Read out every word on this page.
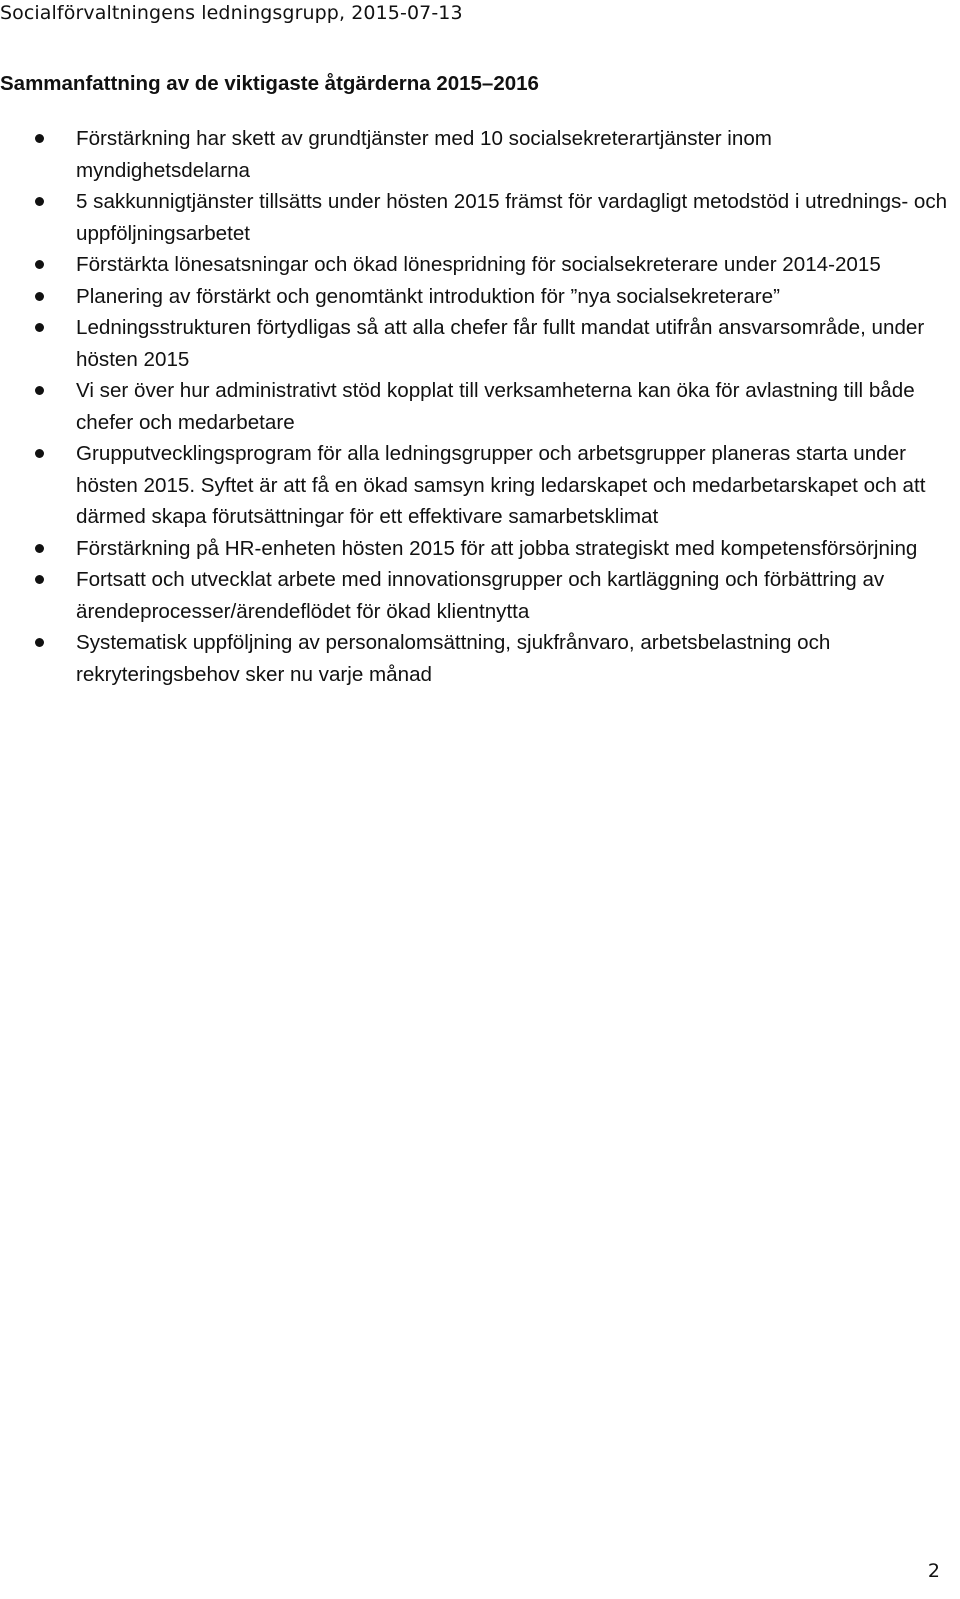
Socialförvaltningens ledningsgrupp, 2015-07-13
Sammanfattning av de viktigaste åtgärderna 2015–2016
Förstärkning har skett av grundtjänster med 10 socialsekreterartjänster inom myndighetsdelarna
5 sakkunnigtjänster tillsätts under hösten 2015 främst för vardagligt metodstöd i utrednings- och uppföljningsarbetet
Förstärkta lönesatsningar och ökad lönespridning för socialsekreterare under 2014-2015
Planering av förstärkt och genomtänkt introduktion för ”nya socialsekreterare”
Ledningsstrukturen förtydligas så att alla chefer får fullt mandat utifrån ansvarsområde, under hösten 2015
Vi ser över hur administrativt stöd kopplat till verksamheterna kan öka för avlastning till både chefer och medarbetare
Grupputvecklingsprogram för alla ledningsgrupper och arbetsgrupper planeras starta under hösten 2015. Syftet är att få en ökad samsyn kring ledarskapet och medarbetarskapet och att därmed skapa förutsättningar för ett effektivare samarbetsklimat
Förstärkning på HR-enheten hösten 2015 för att jobba strategiskt med kompetensförsörjning
Fortsatt och utvecklat arbete med innovationsgrupper och kartläggning och förbättring av ärendeprocesser/ärendeflödet för ökad klientnytta
Systematisk uppföljning av personalomsättning, sjukfrånvaro, arbetsbelastning och rekryteringsbehov sker nu varje månad
2
